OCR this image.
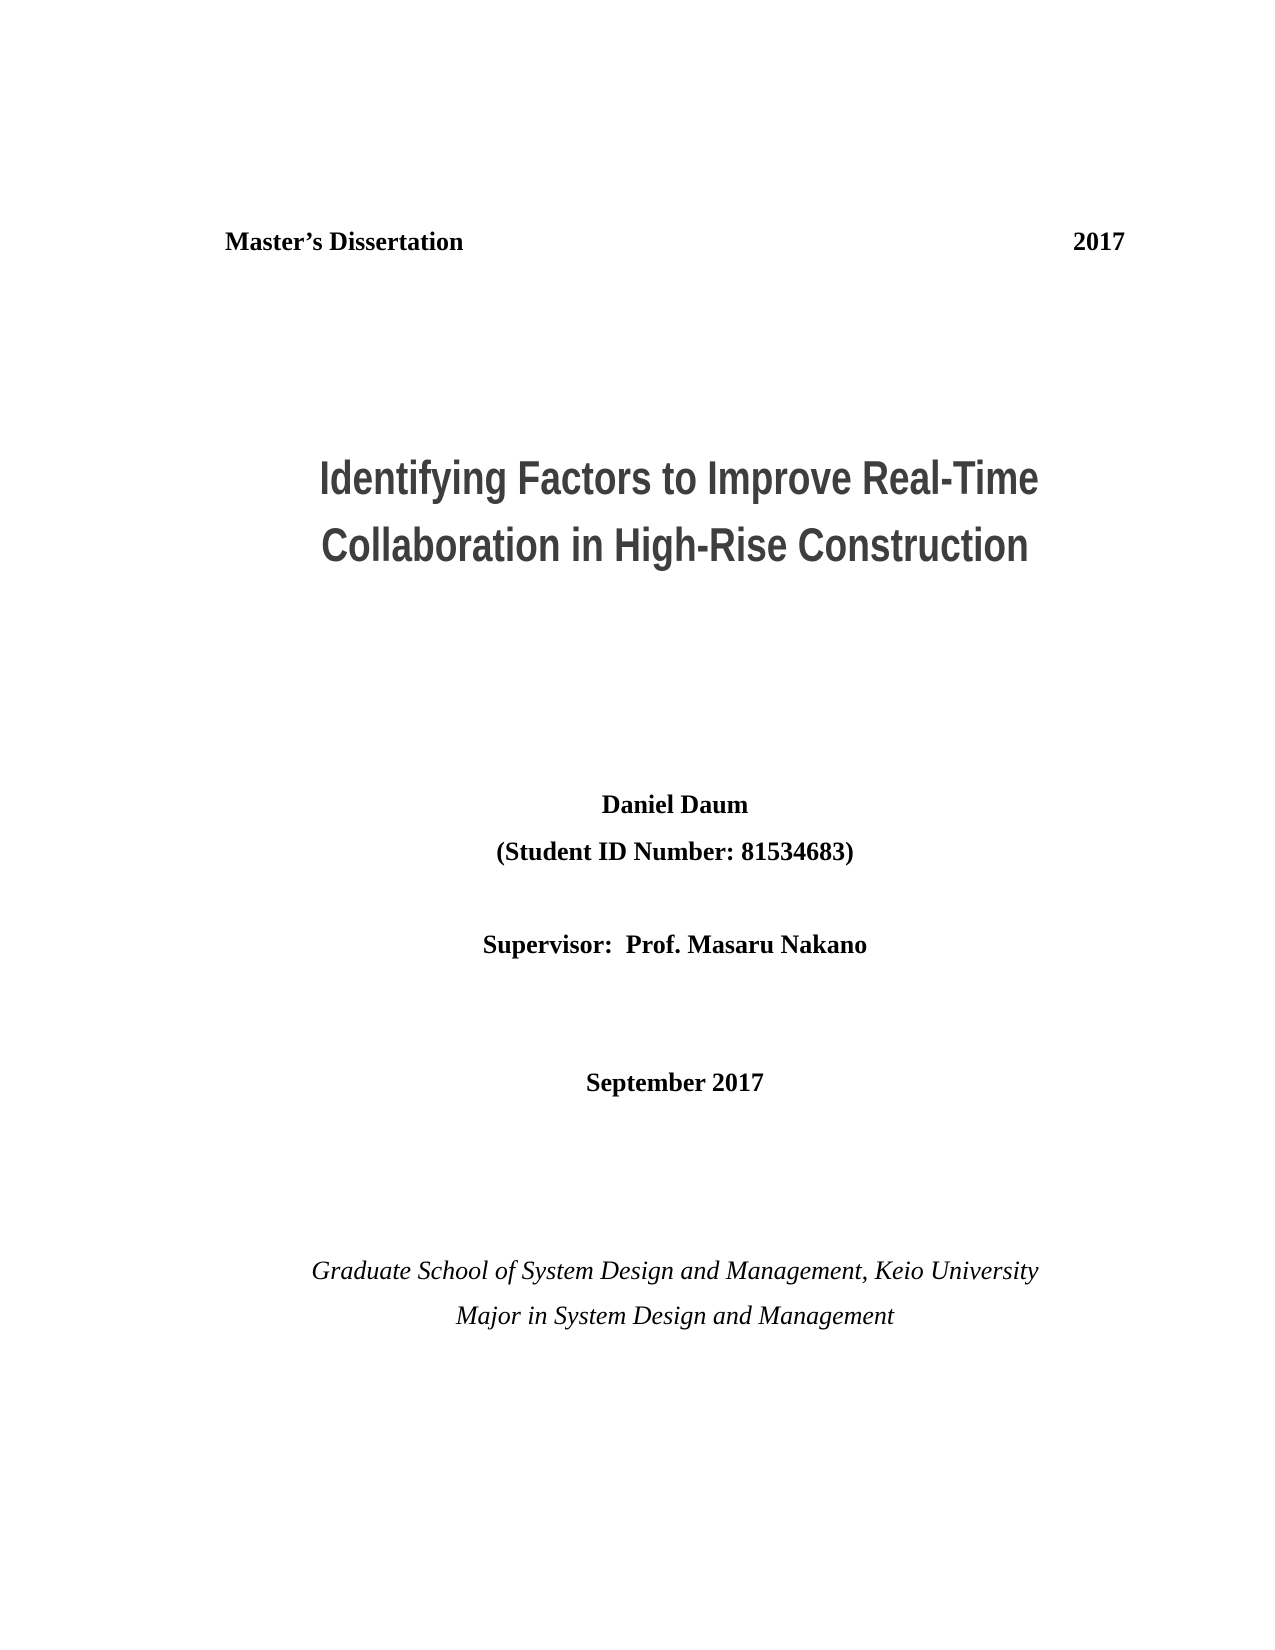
Master’s Dissertation	2017
Identifying Factors to Improve Real-Time
Collaboration in High-Rise Construction
Daniel Daum
(Student ID Number: 81534683)
Supervisor:  Prof. Masaru Nakano
September 2017
Graduate School of System Design and Management, Keio University
Major in System Design and Management
